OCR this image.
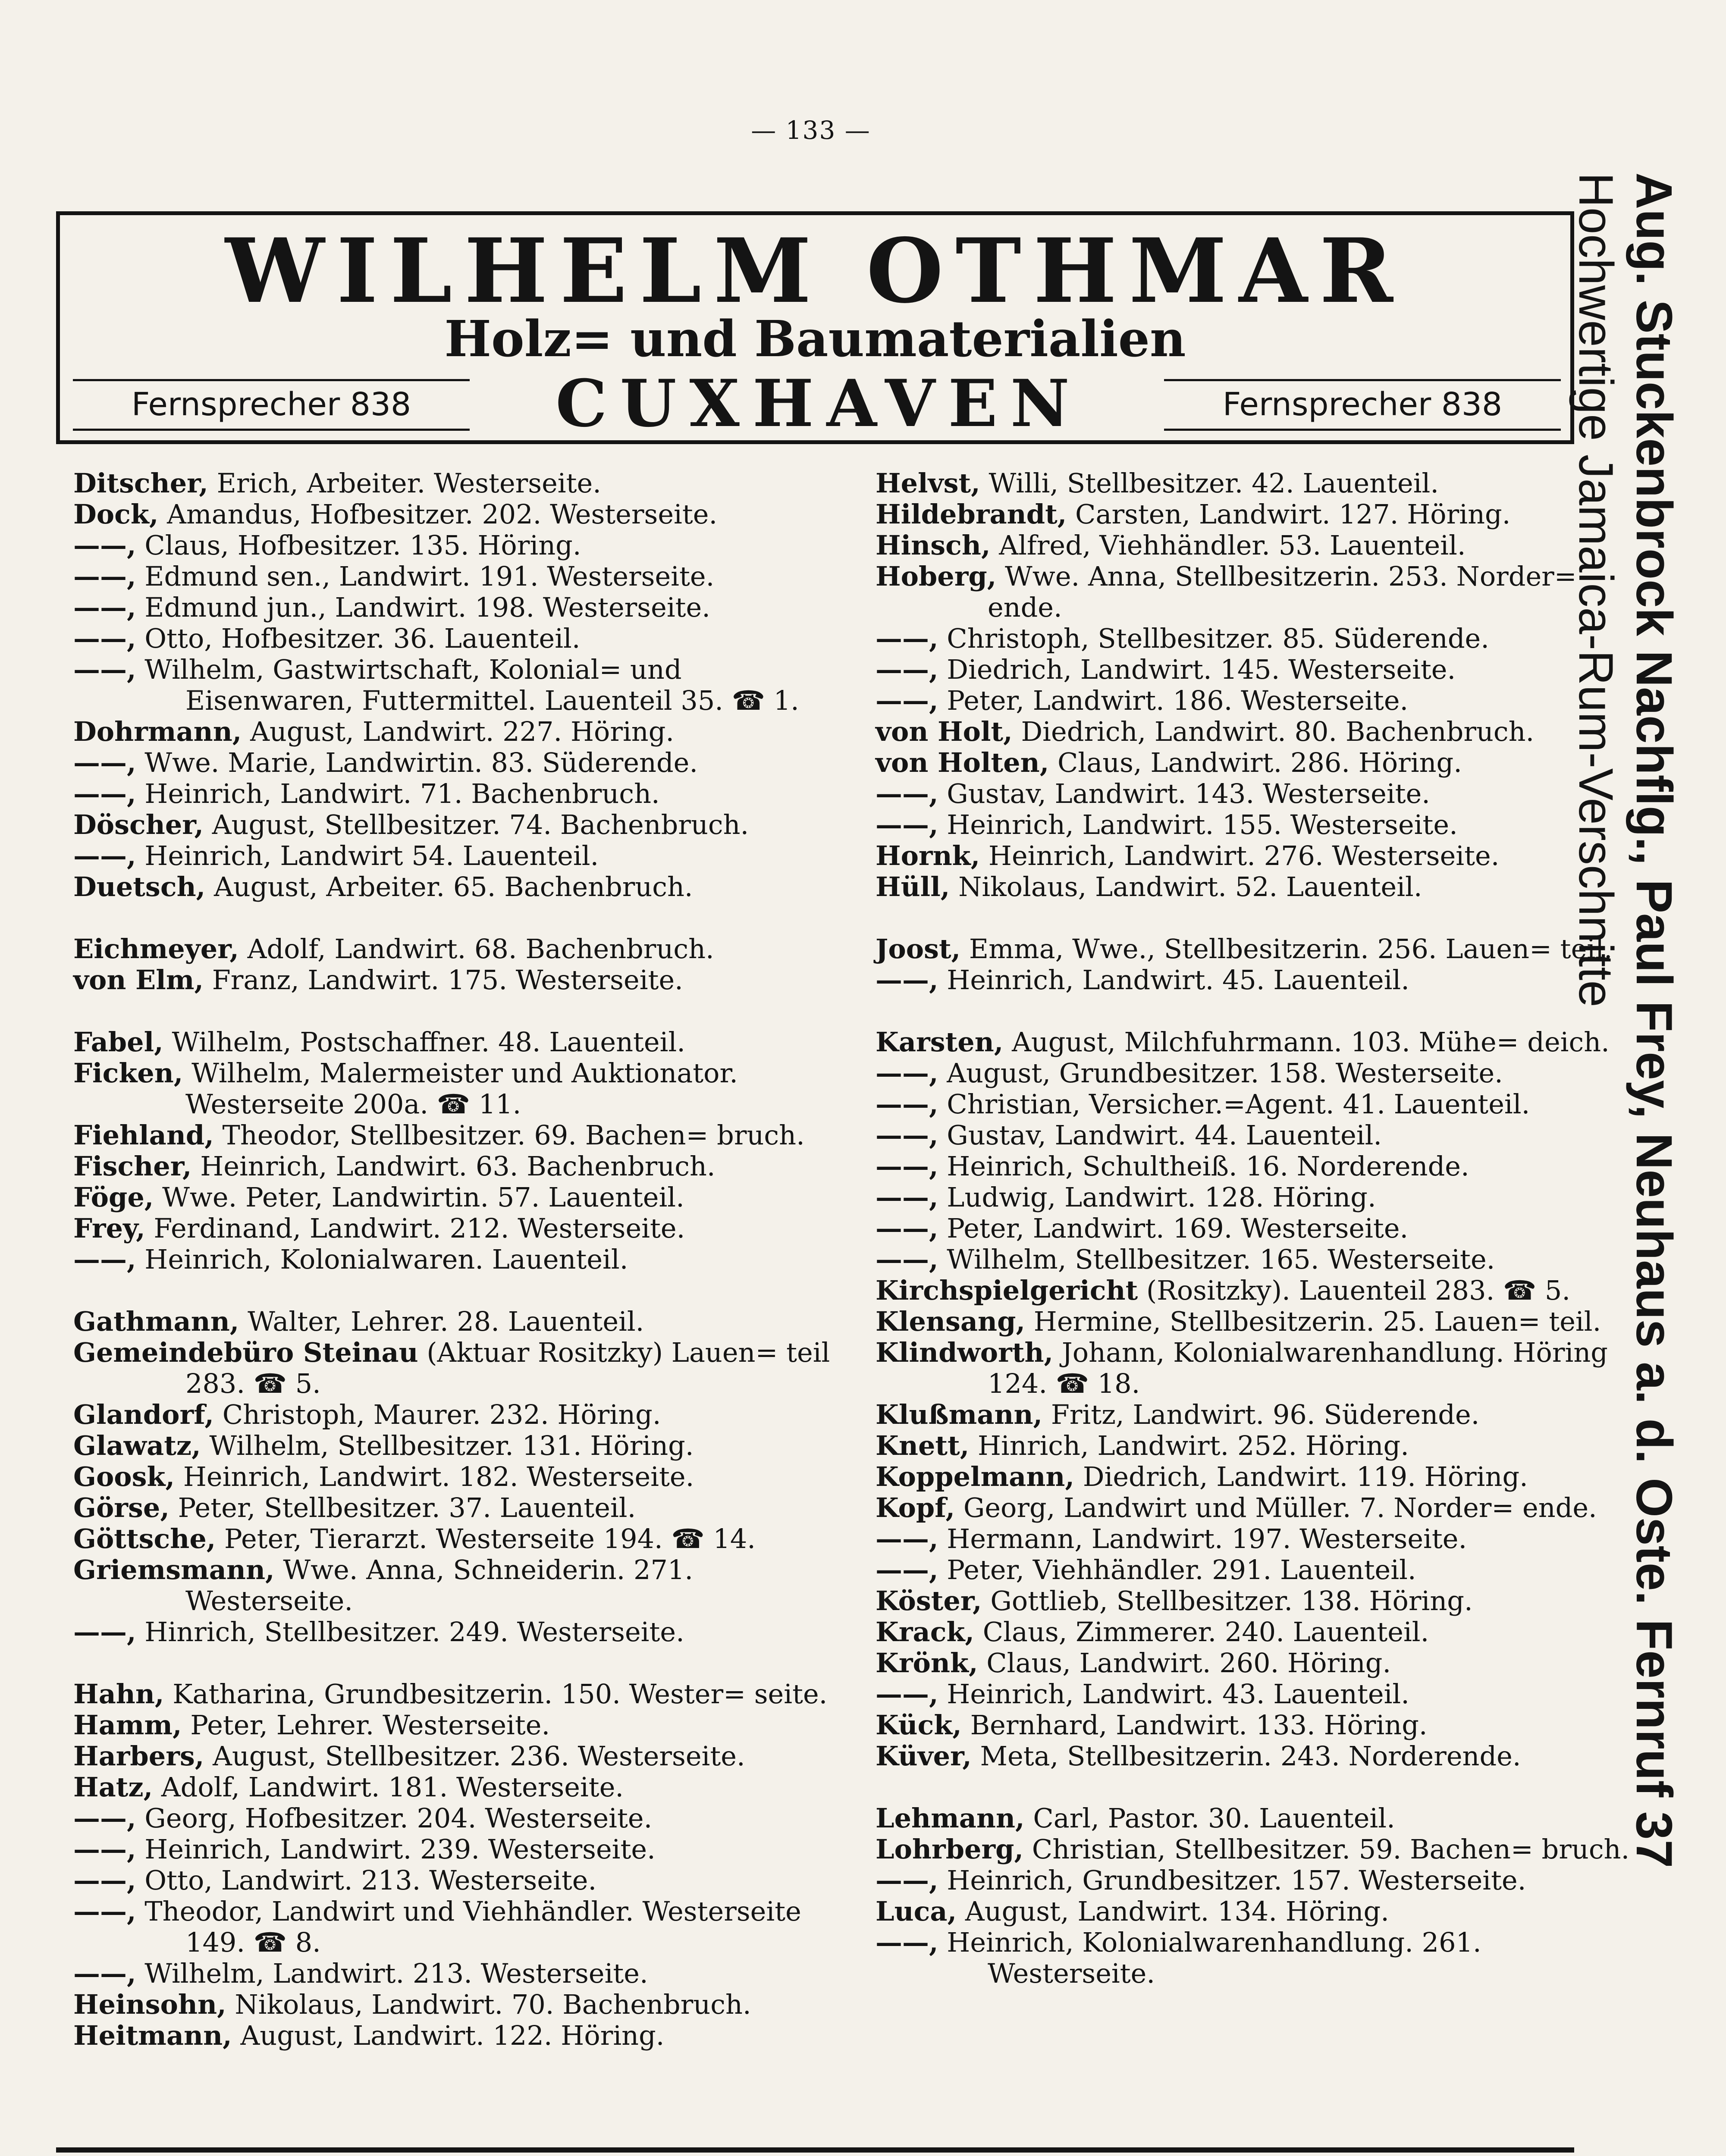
— 133 —
WILHELM OTHMAR
Holz= und Baumaterialien
Fernsprecher 838	CUXHAVEN	Fernsprecher 838

Ditscher, Erich, Arbeiter. Westerseite.

Dock, Amandus, Hofbesitzer. 202. Westerseite.

——, Claus, Hofbesitzer. 135. Höring.

——, Edmund sen., Landwirt. 191. Westerseite.

——, Edmund jun., Landwirt. 198. Westerseite.

——, Otto, Hofbesitzer. 36. Lauenteil.

——, Wilhelm, Gastwirtschaft, Kolonial= und Eisenwaren, Futtermittel. Lauenteil 35. ☎ 1.

Dohrmann, August, Landwirt. 227. Höring.

——, Wwe. Marie, Landwirtin. 83. Süderende.

——, Heinrich, Landwirt. 71. Bachenbruch.

Döscher, August, Stellbesitzer. 74. Bachenbruch.

——, Heinrich, Landwirt 54. Lauenteil.

Duetsch, August, Arbeiter. 65. Bachenbruch.

Eichmeyer, Adolf, Landwirt. 68. Bachenbruch.

von Elm, Franz, Landwirt. 175. Westerseite.

Fabel, Wilhelm, Postschaffner. 48. Lauenteil.

Ficken, Wilhelm, Malermeister und Auktionator. Westerseite 200a. ☎ 11.

Fiehland, Theodor, Stellbesitzer. 69. Bachen= bruch.

Fischer, Heinrich, Landwirt. 63. Bachenbruch.

Föge, Wwe. Peter, Landwirtin. 57. Lauenteil.

Frey, Ferdinand, Landwirt. 212. Westerseite.

——, Heinrich, Kolonialwaren. Lauenteil.

Gathmann, Walter, Lehrer. 28. Lauenteil.

Gemeindebüro Steinau (Aktuar Rositzky) Lauen= teil 283. ☎ 5.

Glandorf, Christoph, Maurer. 232. Höring.

Glawatz, Wilhelm, Stellbesitzer. 131. Höring.

Goosk, Heinrich, Landwirt. 182. Westerseite.

Görse, Peter, Stellbesitzer. 37. Lauenteil.

Göttsche, Peter, Tierarzt. Westerseite 194. ☎ 14.

Griemsmann, Wwe. Anna, Schneiderin. 271. Westerseite.

——, Hinrich, Stellbesitzer. 249. Westerseite.

Hahn, Katharina, Grundbesitzerin. 150. Wester= seite.

Hamm, Peter, Lehrer. Westerseite.

Harbers, August, Stellbesitzer. 236. Westerseite.

Hatz, Adolf, Landwirt. 181. Westerseite.

——, Georg, Hofbesitzer. 204. Westerseite.

——, Heinrich, Landwirt. 239. Westerseite.

——, Otto, Landwirt. 213. Westerseite.

——, Theodor, Landwirt und Viehhändler. Westerseite 149. ☎ 8.

——, Wilhelm, Landwirt. 213. Westerseite.

Heinsohn, Nikolaus, Landwirt. 70. Bachenbruch.

Heitmann, August, Landwirt. 122. Höring.

Helvst, Willi, Stellbesitzer. 42. Lauenteil.

Hildebrandt, Carsten, Landwirt. 127. Höring.

Hinsch, Alfred, Viehhändler. 53. Lauenteil.

Hoberg, Wwe. Anna, Stellbesitzerin. 253. Norder= ende.

——, Christoph, Stellbesitzer. 85. Süderende.

——, Diedrich, Landwirt. 145. Westerseite.

——, Peter, Landwirt. 186. Westerseite.

von Holt, Diedrich, Landwirt. 80. Bachenbruch.

von Holten, Claus, Landwirt. 286. Höring.

——, Gustav, Landwirt. 143. Westerseite.

——, Heinrich, Landwirt. 155. Westerseite.

Hornk, Heinrich, Landwirt. 276. Westerseite.

Hüll, Nikolaus, Landwirt. 52. Lauenteil.

Joost, Emma, Wwe., Stellbesitzerin. 256. Lauen= teil.

——, Heinrich, Landwirt. 45. Lauenteil.

Karsten, August, Milchfuhrmann. 103. Mühe= deich.

——, August, Grundbesitzer. 158. Westerseite.

——, Christian, Versicher.=Agent. 41. Lauenteil.

——, Gustav, Landwirt. 44. Lauenteil.

——, Heinrich, Schultheiß. 16. Norderende.

——, Ludwig, Landwirt. 128. Höring.

——, Peter, Landwirt. 169. Westerseite.

——, Wilhelm, Stellbesitzer. 165. Westerseite.

Kirchspielgericht (Rositzky). Lauenteil 283. ☎ 5.

Klensang, Hermine, Stellbesitzerin. 25. Lauen= teil.

Klindworth, Johann, Kolonialwarenhandlung. Höring 124. ☎ 18.

Klußmann, Fritz, Landwirt. 96. Süderende.

Knett, Hinrich, Landwirt. 252. Höring.

Koppelmann, Diedrich, Landwirt. 119. Höring.

Kopf, Georg, Landwirt und Müller. 7. Norder= ende.

——, Hermann, Landwirt. 197. Westerseite.

——, Peter, Viehhändler. 291. Lauenteil.

Köster, Gottlieb, Stellbesitzer. 138. Höring.

Krack, Claus, Zimmerer. 240. Lauenteil.

Krönk, Claus, Landwirt. 260. Höring.

——, Heinrich, Landwirt. 43. Lauenteil.

Kück, Bernhard, Landwirt. 133. Höring.

Küver, Meta, Stellbesitzerin. 243. Norderende.

Lehmann, Carl, Pastor. 30. Lauenteil.

Lohrberg, Christian, Stellbesitzer. 59. Bachen= bruch.

——, Heinrich, Grundbesitzer. 157. Westerseite.

Luca, August, Landwirt. 134. Höring.

——, Heinrich, Kolonialwarenhandlung. 261. Westerseite.

Aug. Stuckenbrock Nachflg., Paul Frey, Neuhaus a. d. Oste. Fernruf 37
Hochwertige Jamaica-Rum-Verschnitte
